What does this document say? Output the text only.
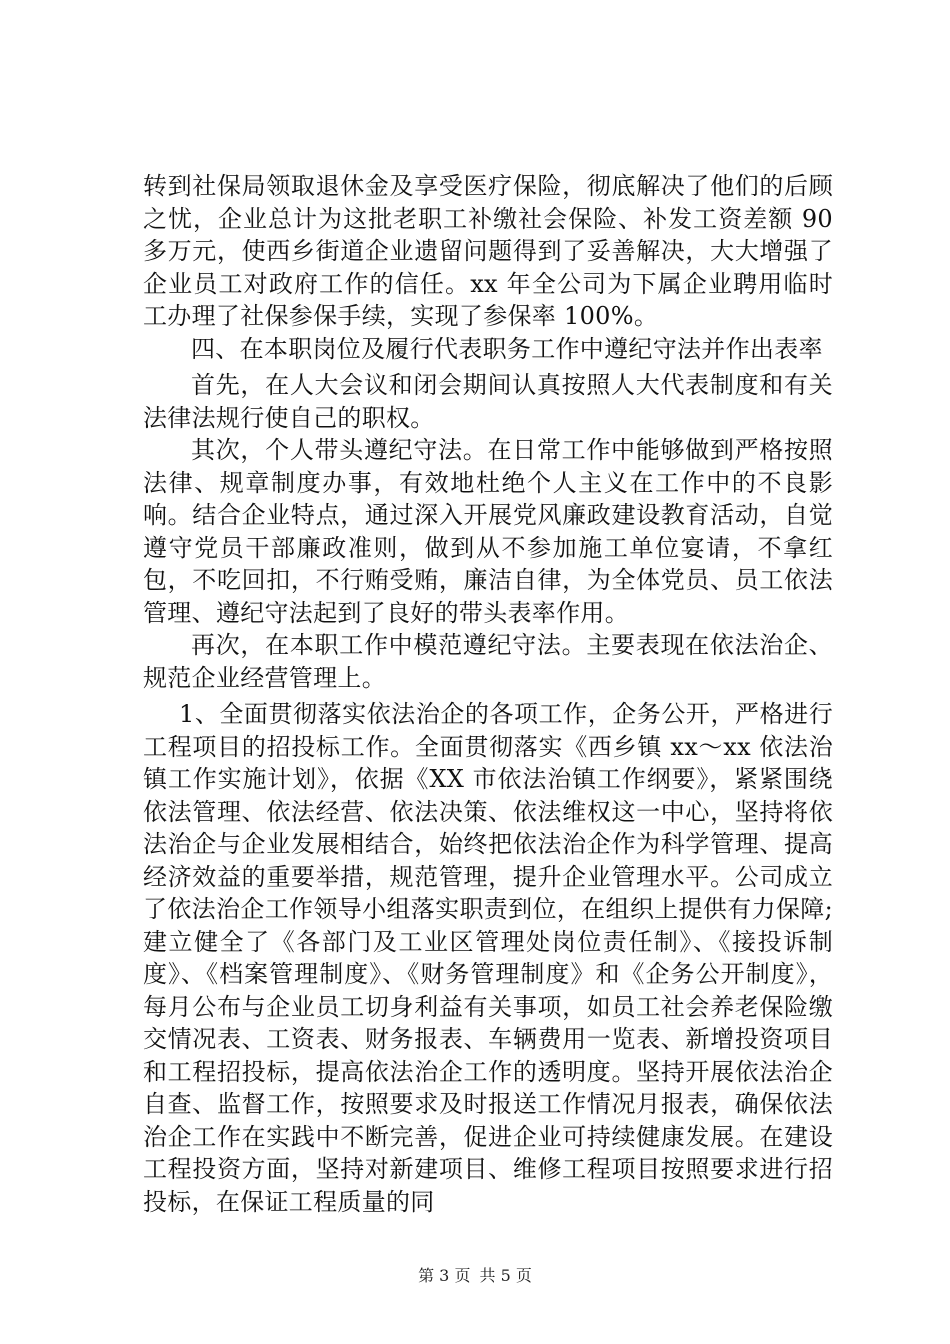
转到社保局领取退休金及享受医疗保险，彻底解决了他们的后顾之忧，企业总计为这批老职工补缴社会保险、补发工资差额 90 多万元，使西乡街道企业遗留问题得到了妥善解决，大大增强了企业员工对政府工作的信任。xx 年全公司为下属企业聘用临时工办理了社保参保手续，实现了参保率 100%。

四、在本职岗位及履行代表职务工作中遵纪守法并作出表率

首先，在人大会议和闭会期间认真按照人大代表制度和有关法律法规行使自己的职权。

其次，个人带头遵纪守法。在日常工作中能够做到严格按照法律、规章制度办事，有效地杜绝个人主义在工作中的不良影响。结合企业特点，通过深入开展党风廉政建设教育活动，自觉遵守党员干部廉政准则，做到从不参加施工单位宴请，不拿红包，不吃回扣，不行贿受贿，廉洁自律，为全体党员、员工依法管理、遵纪守法起到了良好的带头表率作用。

再次，在本职工作中模范遵纪守法。主要表现在依法治企、规范企业经营管理上。

1、全面贯彻落实依法治企的各项工作，企务公开，严格进行工程项目的招投标工作。全面贯彻落实《西乡镇 xx～xx 依法治镇工作实施计划》，依据《XX 市依法治镇工作纲要》，紧紧围绕依法管理、依法经营、依法决策、依法维权这一中心，坚持将依法治企与企业发展相结合，始终把依法治企作为科学管理、提高经济效益的重要举措，规范管理，提升企业管理水平。公司成立了依法治企工作领导小组落实职责到位，在组织上提供有力保障;建立健全了《各部门及工业区管理处岗位责任制》、《接投诉制度》、《档案管理制度》、《财务管理制度》和《企务公开制度》，每月公布与企业员工切身利益有关事项，如员工社会养老保险缴交情况表、工资表、财务报表、车辆费用一览表、新增投资项目和工程招投标，提高依法治企工作的透明度。坚持开展依法治企自查、监督工作，按照要求及时报送工作情况月报表，确保依法治企工作在实践中不断完善，促进企业可持续健康发展。在建设工程投资方面，坚持对新建项目、维修工程项目按照要求进行招投标，在保证工程质量的同

第 3 页 共 5 页
